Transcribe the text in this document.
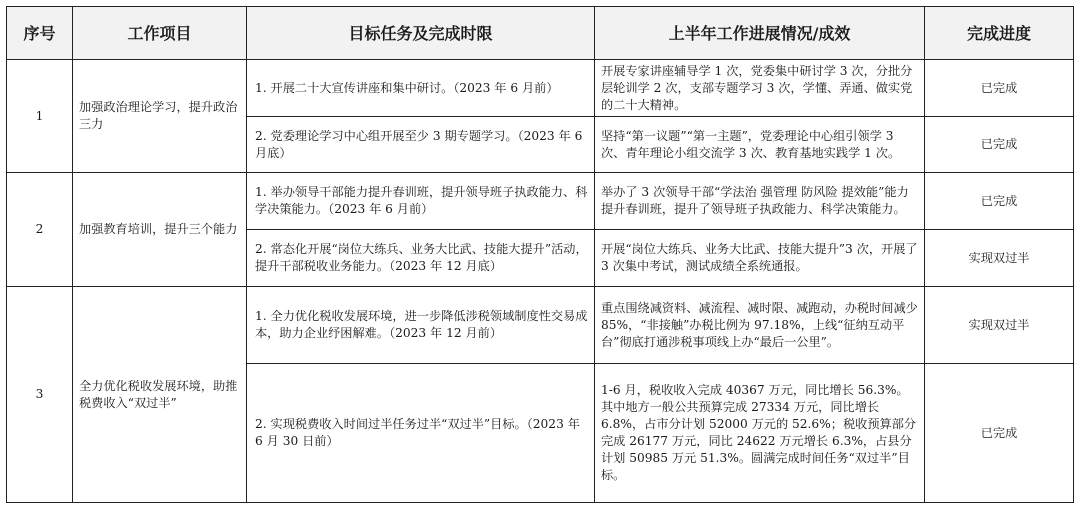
序号	工作项目	目标任务及完成时限	上半年工作进展情况/成效	完成进度
1	加强政治理论学习，提升政治三力	1. 开展二十大宣传讲座和集中研讨。（2023 年 6 月前）	开展专家讲座辅导学 1 次，党委集中研讨学 3 次，分批分层轮训学 2 次，支部专题学习 3 次，学懂、弄通、做实党的二十大精神。	已完成
		2. 党委理论学习中心组开展至少 3 期专题学习。（2023 年 6 月底）	坚持“第一议题”“第一主题”，党委理论中心组引领学 3 次、青年理论小组交流学 3 次、教育基地实践学 1 次。	已完成
2	加强教育培训，提升三个能力	1. 举办领导干部能力提升春训班，提升领导班子执政能力、科学决策能力。（2023 年 6 月前）	举办了 3 次领导干部“学法治 强管理 防风险 提效能”能力提升春训班，提升了领导班子执政能力、科学决策能力。	已完成
		2. 常态化开展“岗位大练兵、业务大比武、技能大提升”活动，提升干部税收业务能力。（2023 年 12 月底）	开展“岗位大练兵、业务大比武、技能大提升”3 次，开展了 3 次集中考试，测试成绩全系统通报。	实现双过半
3	全力优化税收发展环境，助推税费收入“双过半”	1. 全力优化税收发展环境，进一步降低涉税领域制度性交易成本，助力企业纾困解难。（2023 年 12 月前）	重点围绕减资料、减流程、减时限、减跑动，办税时间减少 85%，“非接触”办税比例为 97.18%，上线“征纳互动平台”彻底打通涉税事项线上办“最后一公里”。	实现双过半
		2. 实现税费收入时间过半任务过半“双过半”目标。（2023 年 6 月 30 日前）	1-6 月，税收收入完成 40367 万元，同比增长 56.3%。其中地方一般公共预算完成 27334 万元，同比增长 6.8%，占市分计划 52000 万元的 52.6%；税收预算部分完成 26177 万元，同比 24622 万元增长 6.3%，占县分计划 50985 万元 51.3%。圆满完成时间任务“双过半”目标。	已完成
